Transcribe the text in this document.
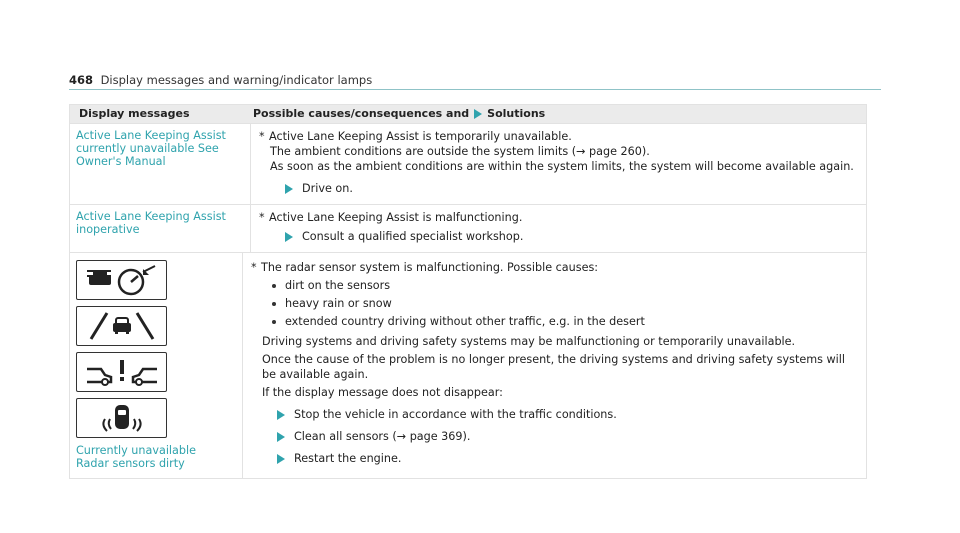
468 Display messages and warning/indicator lamps
Display messages	Possible causes/consequences and Solutions
Active Lane Keeping Assist currently unavailable See Owner's Manual
* Active Lane Keeping Assist is temporarily unavailable.
The ambient conditions are outside the system limits (→ page 260).
As soon as the ambient conditions are within the system limits, the system will become available again.
Drive on.
Active Lane Keeping Assist inoperative
* Active Lane Keeping Assist is malfunctioning.
Consult a qualified specialist workshop.
Currently unavailable
Radar sensors dirty
* The radar sensor system is malfunctioning. Possible causes:
dirt on the sensors
heavy rain or snow
extended country driving without other traffic, e.g. in the desert
Driving systems and driving safety systems may be malfunctioning or temporarily unavailable.
Once the cause of the problem is no longer present, the driving systems and driving safety systems will be available again.
If the display message does not disappear:
Stop the vehicle in accordance with the traffic conditions.
Clean all sensors (→ page 369).
Restart the engine.
